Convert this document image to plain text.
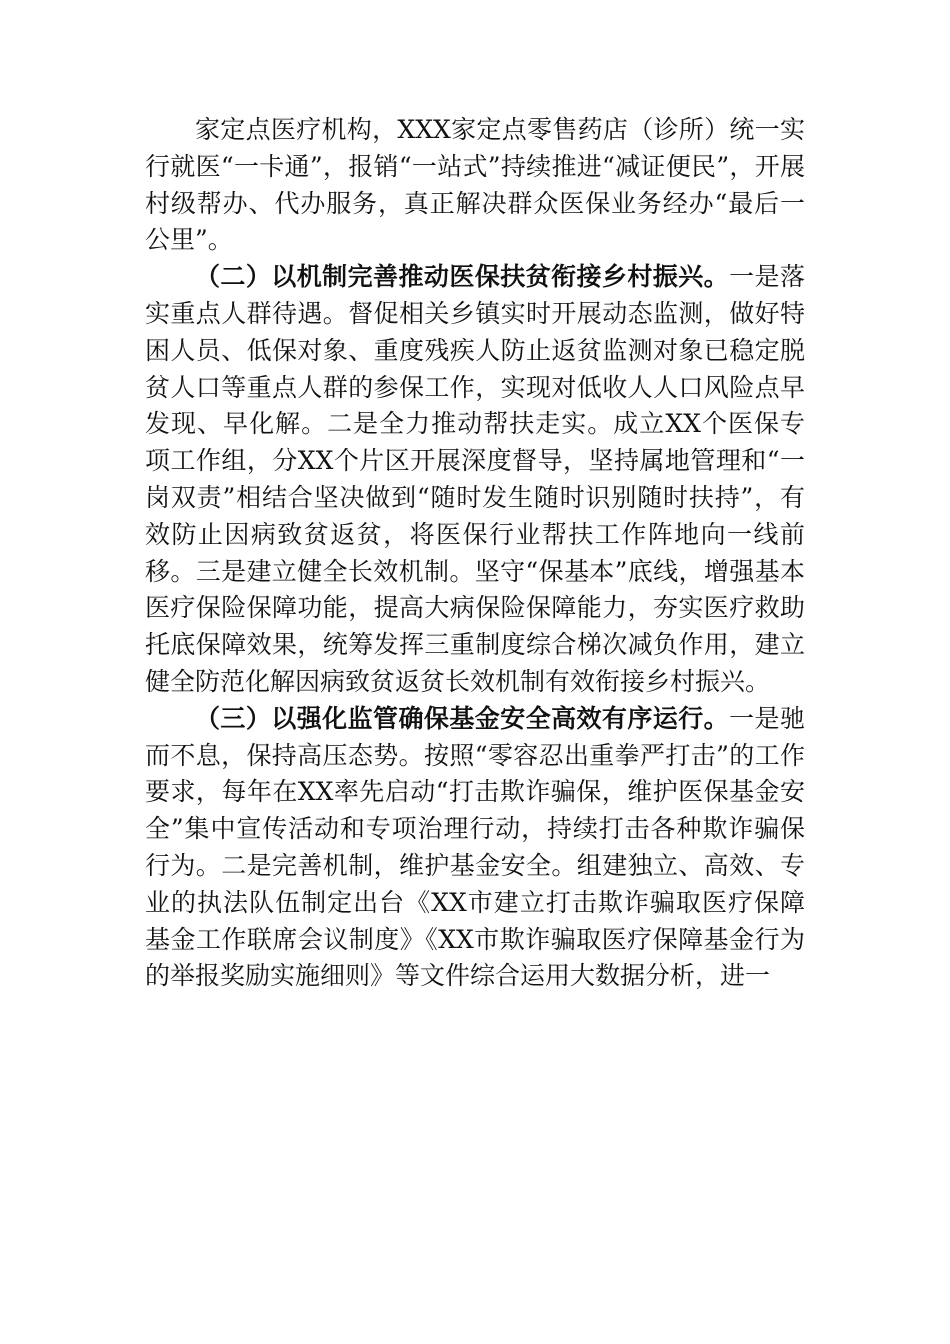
家定点医疗机构，XXX家定点零售药店（诊所）统一实行就医“一卡通”，报销“一站式”持续推进“减证便民”，开展村级帮办、代办服务，真正解决群众医保业务经办“最后一公里”。

（二）以机制完善推动医保扶贫衔接乡村振兴。一是落实重点人群待遇。督促相关乡镇实时开展动态监测，做好特困人员、低保对象、重度残疾人防止返贫监测对象已稳定脱贫人口等重点人群的参保工作，实现对低收人人口风险点早发现、早化解。二是全力推动帮扶走实。成立XX个医保专项工作组，分XX个片区开展深度督导，坚持属地管理和“一岗双责”相结合坚决做到“随时发生随时识别随时扶持”，有效防止因病致贫返贫，将医保行业帮扶工作阵地向一线前移。三是建立健全长效机制。坚守“保基本”底线，增强基本医疗保险保障功能，提高大病保险保障能力，夯实医疗救助托底保障效果，统筹发挥三重制度综合梯次减负作用，建立健全防范化解因病致贫返贫长效机制有效衔接乡村振兴。

（三）以强化监管确保基金安全高效有序运行。一是驰而不息，保持高压态势。按照“零容忍出重拳严打击”的工作要求，每年在XX率先启动“打击欺诈骗保，维护医保基金安全”集中宣传活动和专项治理行动，持续打击各种欺诈骗保行为。二是完善机制，维护基金安全。组建独立、高效、专业的执法队伍制定出台《XX市建立打击欺诈骗取医疗保障基金工作联席会议制度》《XX市欺诈骗取医疗保障基金行为的举报奖励实施细则》等文件综合运用大数据分析，进一
